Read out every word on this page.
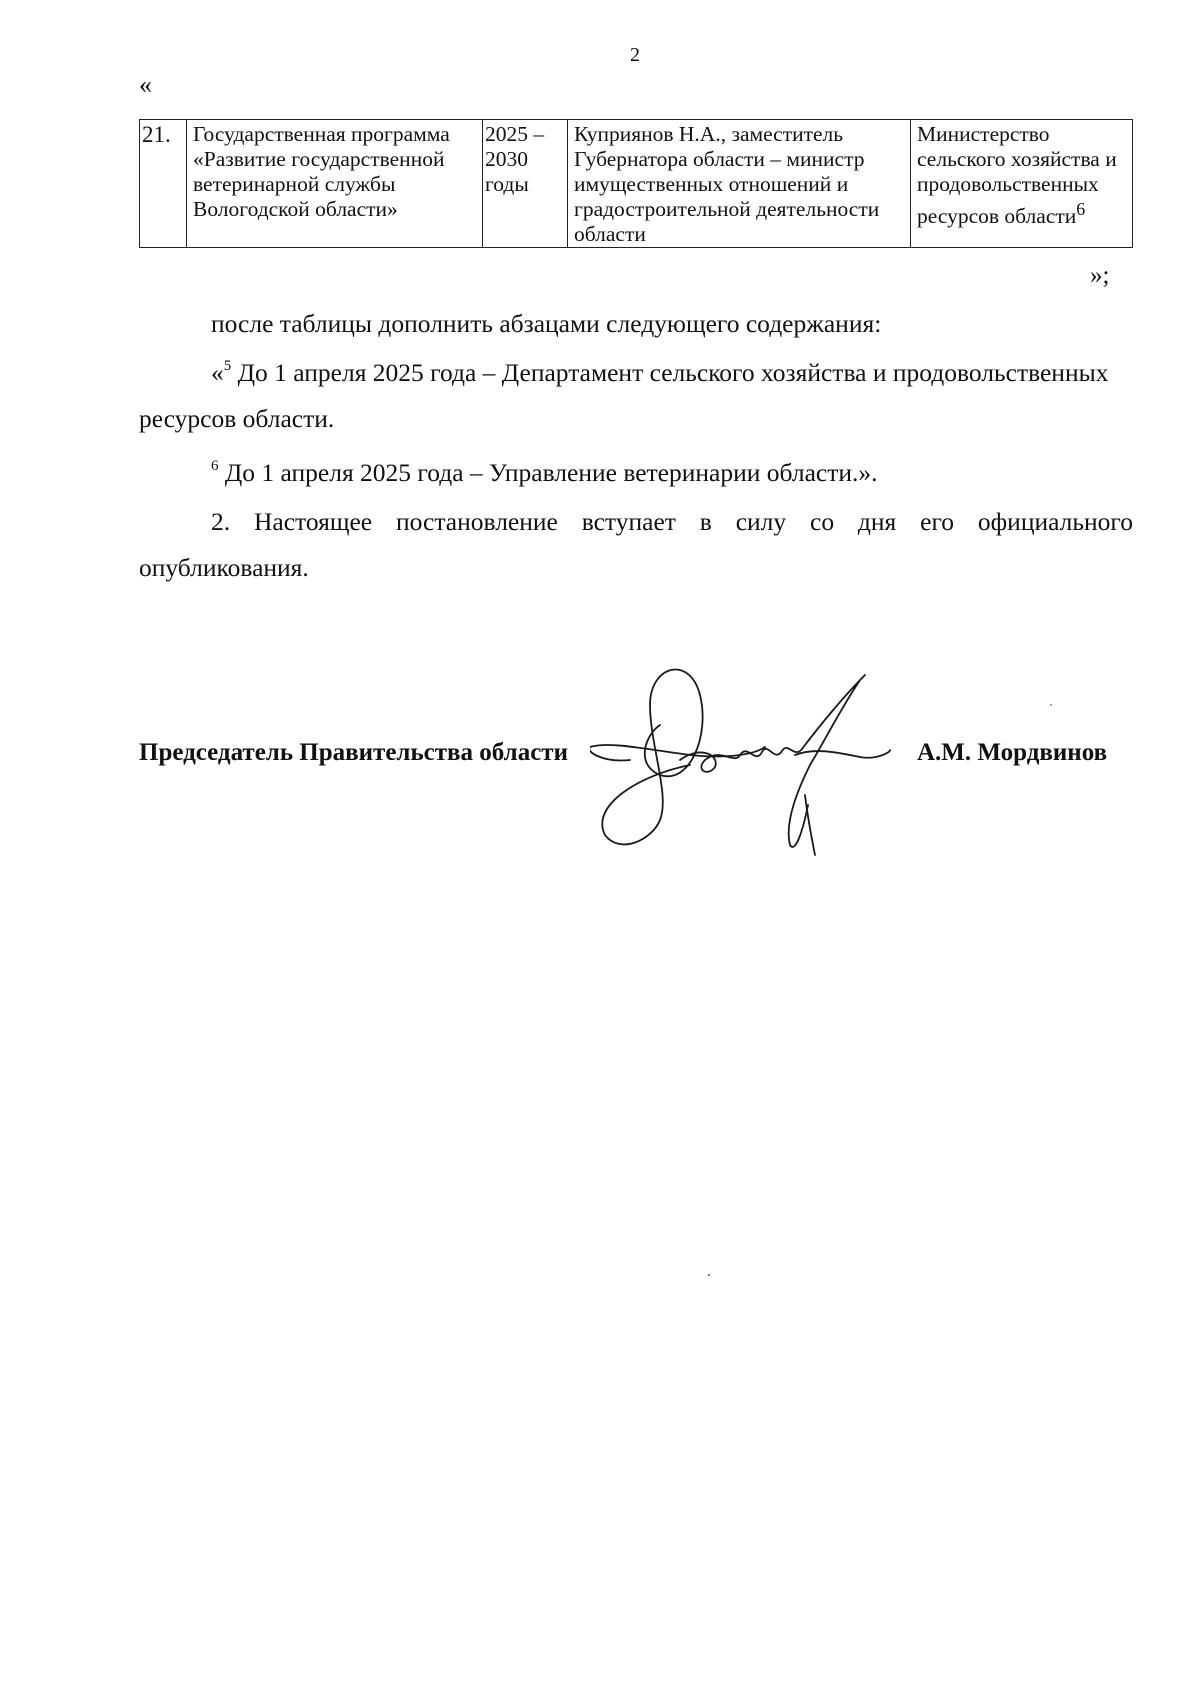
2
«
21.	Государственная программа «Развитие государственной ветеринарной службы Вологодской области»	2025 – 2030 годы	Куприянов Н.А., заместитель Губернатора области – министр имущественных отношений и градостроительной деятельности области	Министерство сельского хозяйства и продовольственных ресурсов области$^6$
»;

после таблицы дополнить абзацами следующего содержания:

«$^5$ До 1 апреля 2025 года – Департамент сельского хозяйства и продовольственных ресурсов области.

$^6$ До 1 апреля 2025 года – Управление ветеринарии области.».

2. Настоящее постановление вступает в силу со дня его официального опубликования.

Председатель Правительства области	А.М. Мордвинов
